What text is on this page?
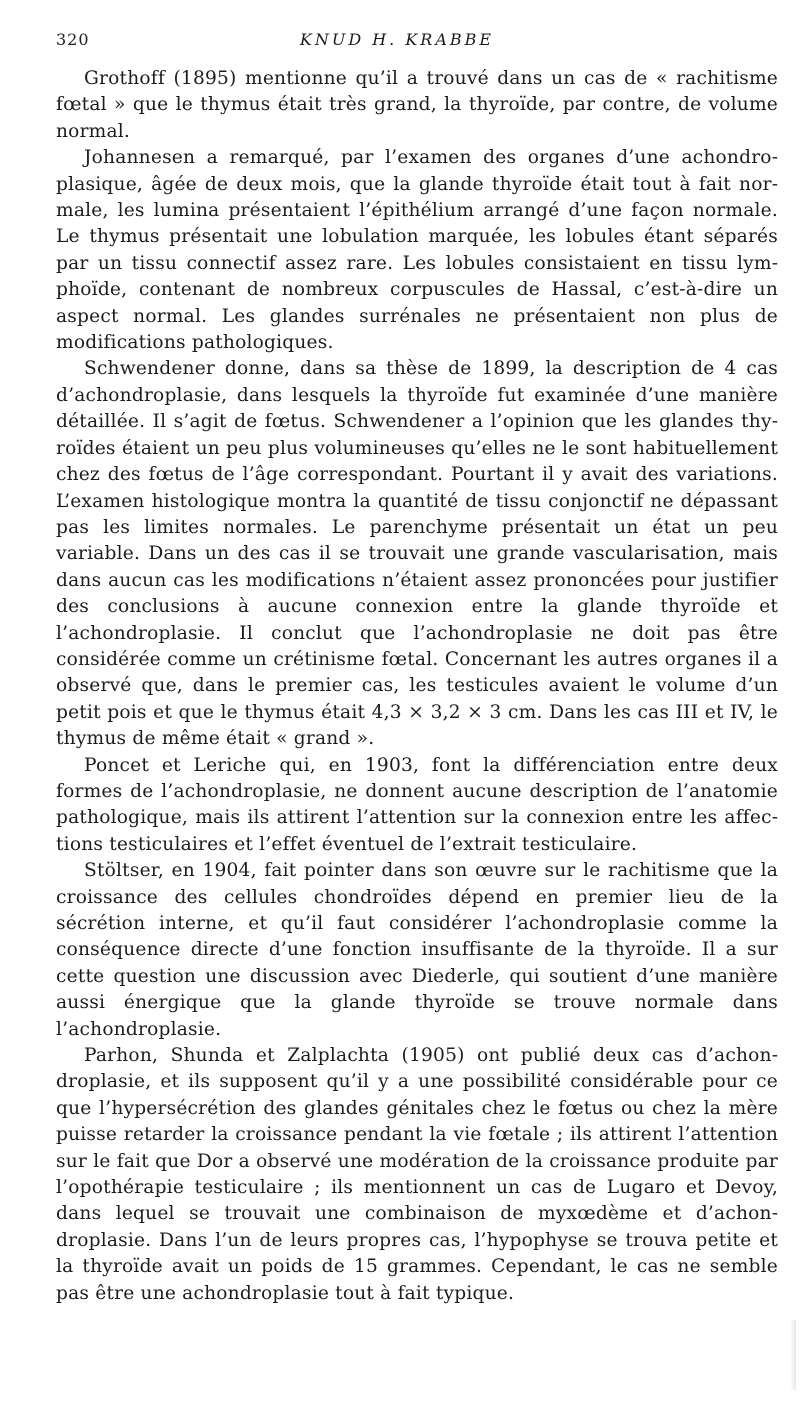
320	KNUD H. KRABBE

Grothoff (1895) mentionne qu’il a trouvé dans un cas de « rachitisme fœtal » que le thymus était très grand, la thyroïde, par contre, de volume normal.

Johannesen a remarqué, par l’examen des organes d’une achondroplasique, âgée de deux mois, que la glande thyroïde était tout à fait normale, les lumina présentaient l’épithélium arrangé d’une façon normale. Le thymus présentait une lobulation marquée, les lobules étant séparés par un tissu connectif assez rare. Les lobules consistaient en tissu lymphoïde, contenant de nombreux corpuscules de Hassal, c’est-à-dire un aspect normal. Les glandes surrénales ne présentaient non plus de modifications pathologiques.

Schwendener donne, dans sa thèse de 1899, la description de 4 cas d’achondroplasie, dans lesquels la thyroïde fut examinée d’une manière détaillée. Il s’agit de fœtus. Schwendener a l’opinion que les glandes thyroïdes étaient un peu plus volumineuses qu’elles ne le sont habituellement chez des fœtus de l’âge correspondant. Pourtant il y avait des variations. L’examen histologique montra la quantité de tissu conjonctif ne dépassant pas les limites normales. Le parenchyme présentait un état un peu variable. Dans un des cas il se trouvait une grande vascularisation, mais dans aucun cas les modifications n’étaient assez prononcées pour justifier des conclusions à aucune connexion entre la glande thyroïde et l’achondroplasie. Il conclut que l’achondroplasie ne doit pas être considérée comme un crétinisme fœtal. Concernant les autres organes il a observé que, dans le premier cas, les testicules avaient le volume d’un petit pois et que le thymus était 4,3 × 3,2 × 3 cm. Dans les cas III et IV, le thymus de même était « grand ».

Poncet et Leriche qui, en 1903, font la différenciation entre deux formes de l’achondroplasie, ne donnent aucune description de l’anatomie pathologique, mais ils attirent l’attention sur la connexion entre les affections testiculaires et l’effet éventuel de l’extrait testiculaire.

Stöltser, en 1904, fait pointer dans son œuvre sur le rachitisme que la croissance des cellules chondroïdes dépend en premier lieu de la sécrétion interne, et qu’il faut considérer l’achondroplasie comme la conséquence directe d’une fonction insuffisante de la thyroïde. Il a sur cette question une discussion avec Diederle, qui soutient d’une manière aussi énergique que la glande thyroïde se trouve normale dans l’achondroplasie.

Parhon, Shunda et Zalplachta (1905) ont publié deux cas d’achondroplasie, et ils supposent qu’il y a une possibilité considérable pour ce que l’hypersécrétion des glandes génitales chez le fœtus ou chez la mère puisse retarder la croissance pendant la vie fœtale ; ils attirent l’attention sur le fait que Dor a observé une modération de la croissance produite par l’opothérapie testiculaire ; ils mentionnent un cas de Lugaro et Devoy, dans lequel se trouvait une combinaison de myxœdème et d’achondroplasie. Dans l’un de leurs propres cas, l’hypophyse se trouva petite et la thyroïde avait un poids de 15 grammes. Cependant, le cas ne semble pas être une achondroplasie tout à fait typique.
